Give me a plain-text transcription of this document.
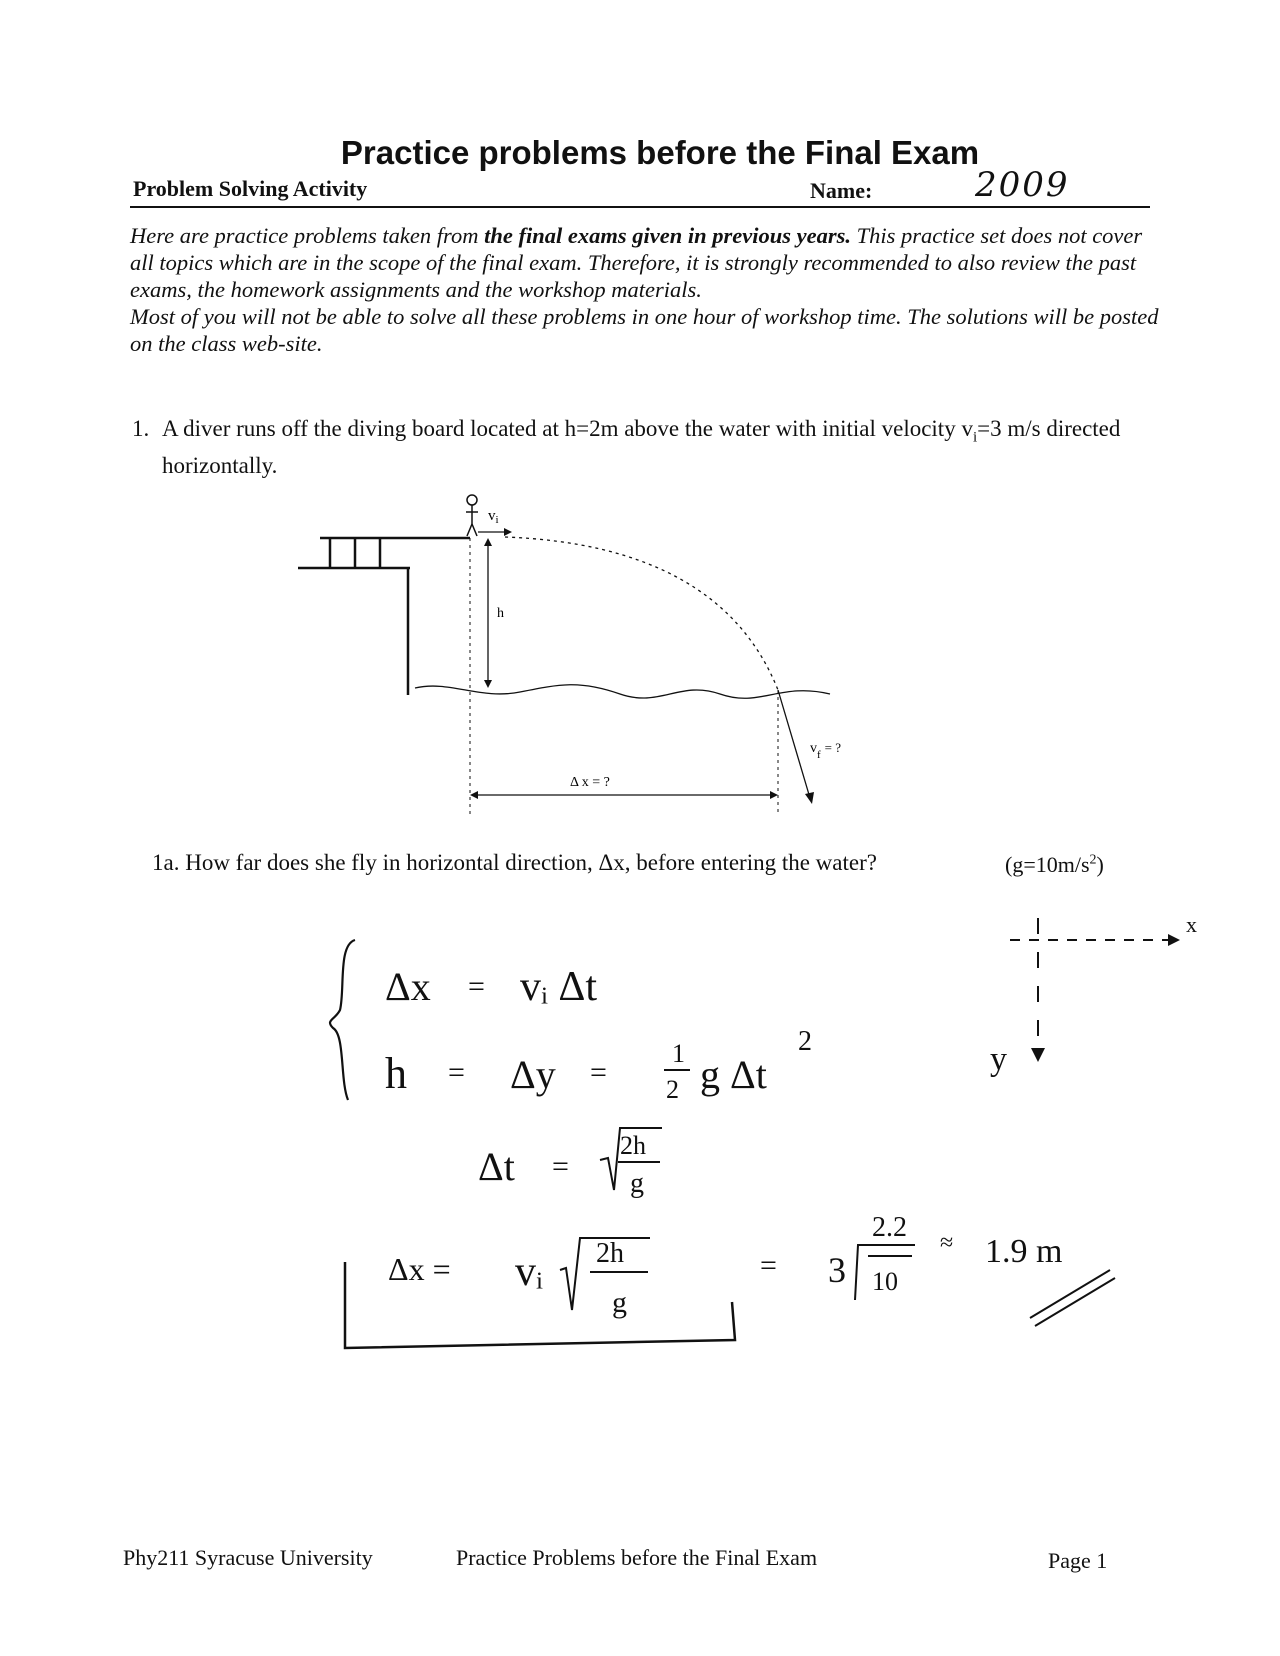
Practice problems before the Final Exam
Problem Solving Activity	Name:	2009

Here are practice problems taken from the final exams given in previous years. This practice set does not cover all topics which are in the scope of the final exam. Therefore, it is strongly recommended to also review the past exams, the homework assignments and the workshop materials.

Most of you will not be able to solve all these problems in one hour of workshop time. The solutions will be posted on the class web-site.

1. A diver runs off the diving board located at h=2m above the water with initial velocity $v_i=3$ m/s directed horizontally.
$v_i$
h
$v_f$ = ?
Δ x = ?
1a. How far does she fly in horizontal direction, Δx, before entering the water?	$(g=10m/s^2)$
Δx = vᵢ Δt
h = Δy =
1
2 g Δt
2
Δt =
2h
g
Δx = vᵢ 2h
g
= 3
2.2
10
≈ 1.9 m
x
y
Phy211 Syracuse University	Practice Problems before the Final Exam	Page 1
